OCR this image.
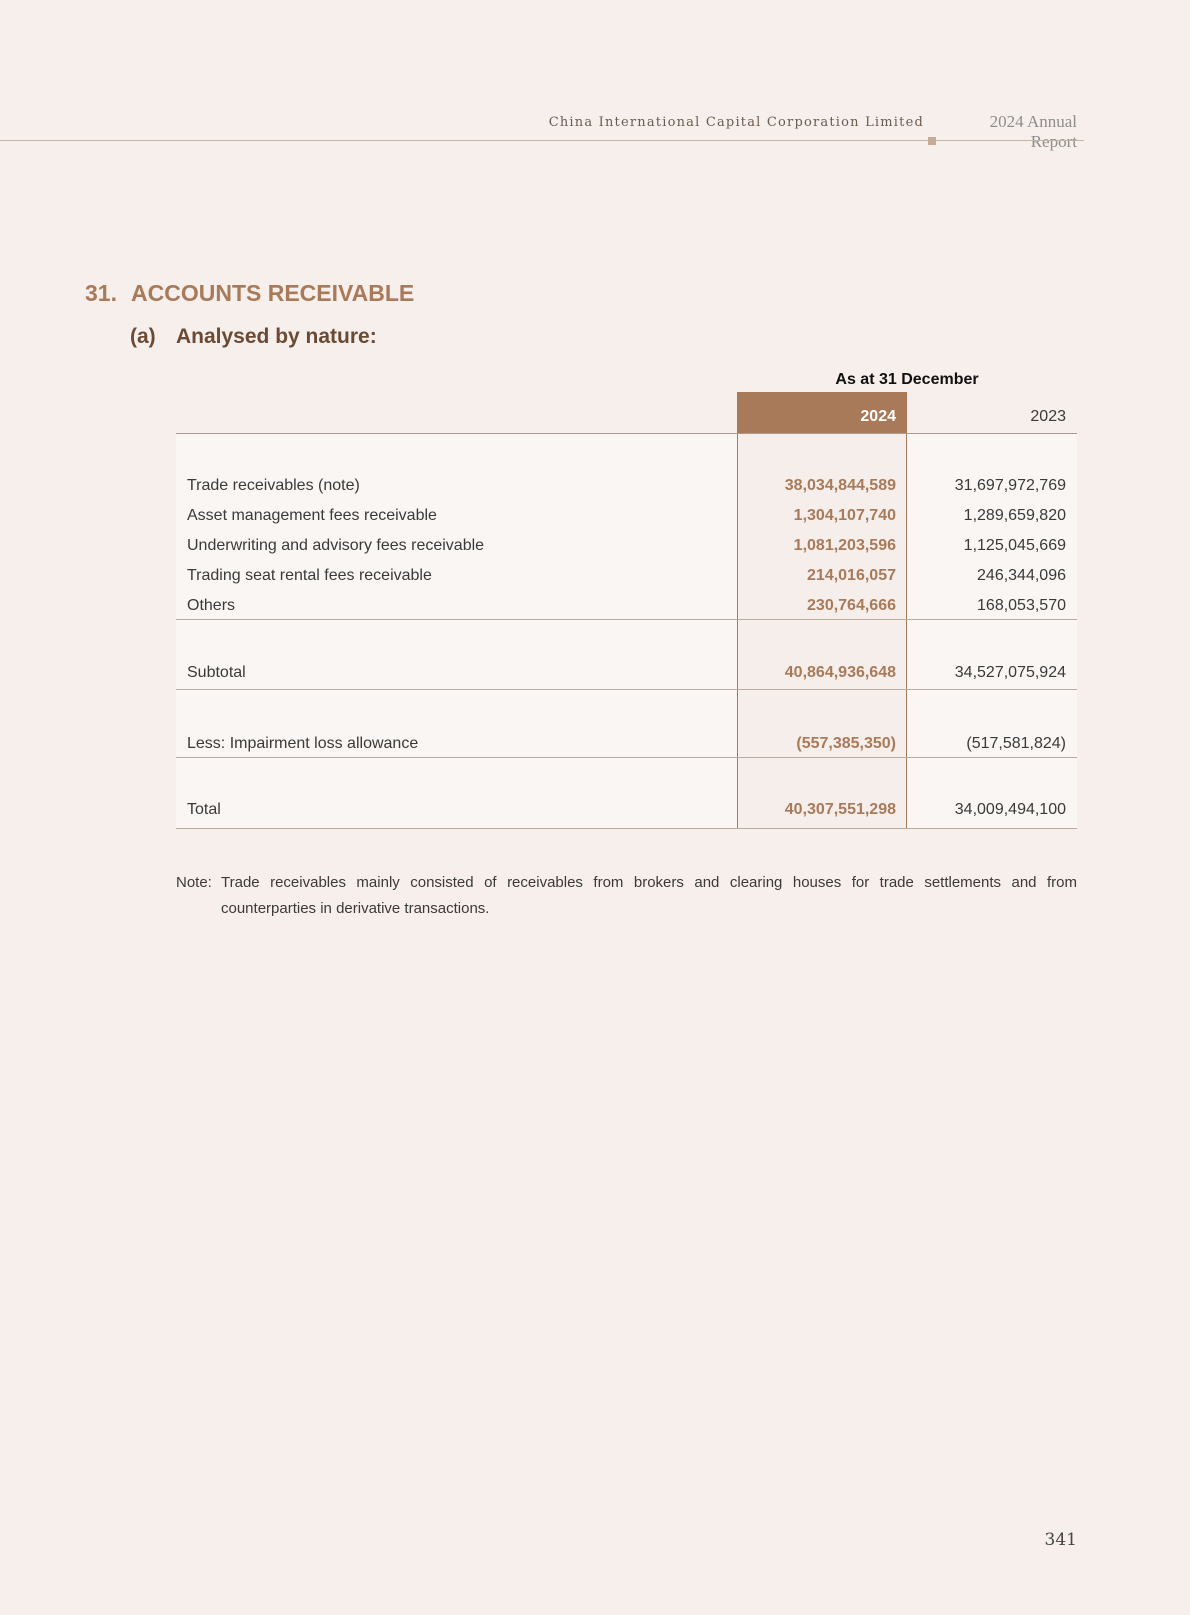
China International Capital Corporation Limited	2024 Annual Report
31. ACCOUNTS RECEIVABLE
(a) Analysed by nature:
As at 31 December
2024	2023
Trade receivables (note)	38,034,844,589	31,697,972,769
Asset management fees receivable	1,304,107,740	1,289,659,820
Underwriting and advisory fees receivable	1,081,203,596	1,125,045,669
Trading seat rental fees receivable	214,016,057	246,344,096
Others	230,764,666	168,053,570
Subtotal	40,864,936,648	34,527,075,924
Less: Impairment loss allowance	(557,385,350)	(517,581,824)
Total	40,307,551,298	34,009,494,100
Note: Trade receivables mainly consisted of receivables from brokers and clearing houses for trade settlements and from counterparties in derivative transactions.
341
